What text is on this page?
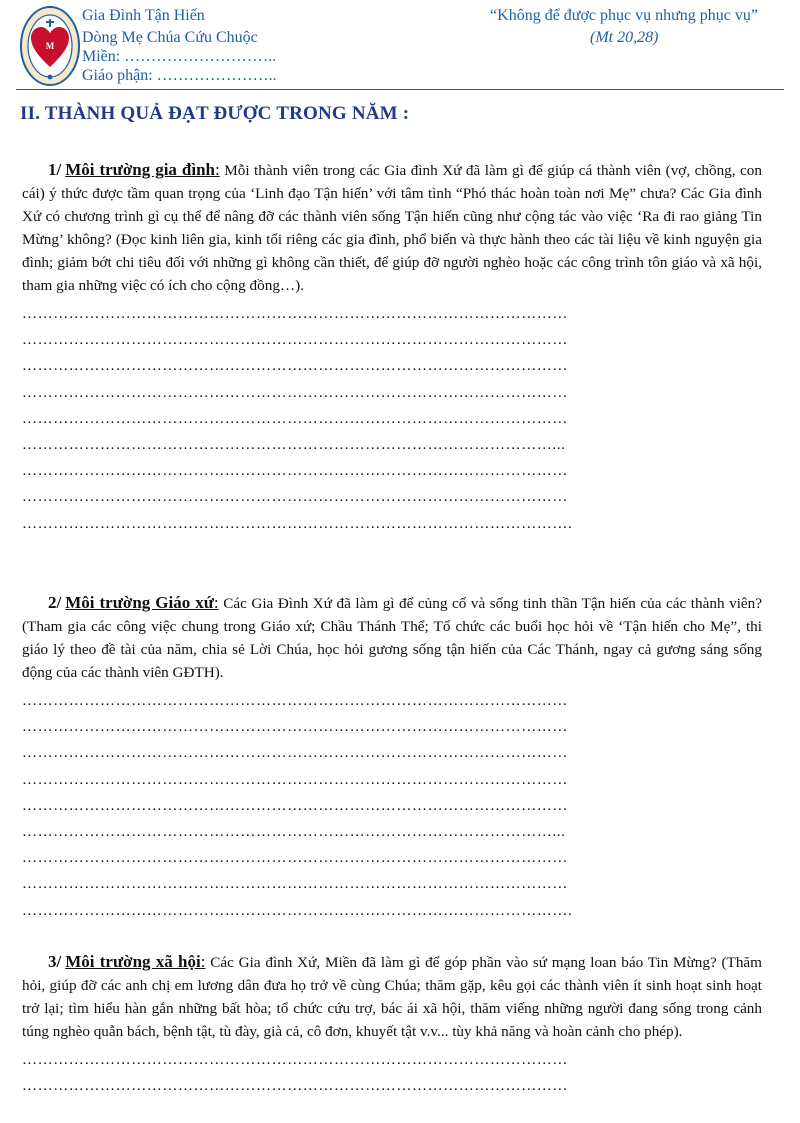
M
Gia Đình Tận Hiến
Dòng Mẹ Chúa Cứu Chuộc
Miền: ………………………..
Giáo phận: …………………..
“Không để được phục vụ nhưng phục vụ”
(Mt 20,28)
II. THÀNH QUẢ ĐẠT ĐƯỢC TRONG NĂM :

1/ Môi trường gia đình: Mỗi thành viên trong các Gia đình Xứ đã làm gì để giúp cá thành viên (vợ, chồng, con cái) ý thức được tầm quan trọng của ‘Linh đạo Tận hiến’ với tâm tình “Phó thác hoàn toàn nơi Mẹ” chưa? Các Gia đình Xứ có chương trình gì cụ thể để nâng đỡ các thành viên sống Tận hiến cũng như cộng tác vào việc ‘Ra đi rao giảng Tin Mừng’ không? (Đọc kinh liên gia, kinh tối riêng các gia đình, phổ biến và thực hành theo các tài liệu về kinh nguyện gia đình; giảm bớt chi tiêu đối với những gì không cần thiết, để giúp đỡ người nghèo hoặc các công trình tôn giáo và xã hội, tham gia những việc có ích cho cộng đồng…).

……………………………………………………………………………………………
……………………………………………………………………………………………
……………………………………………………………………………………………
……………………………………………………………………………………………
……………………………………………………………………………………………
…………………………………………………………………………………………...
……………………………………………………………………………………………
……………………………………………………………………………………………
…………………………………………………………………………………………….

2/ Môi trường Giáo xứ: Các Gia Đình Xứ đã làm gì để củng cố và sống tinh thần Tận hiến của các thành viên? (Tham gia các công việc chung trong Giáo xứ; Chầu Thánh Thể; Tổ chức các buổi học hỏi về ‘Tận hiến cho Mẹ”, thi giáo lý theo đề tài của năm, chia sẻ Lời Chúa, học hỏi gương sống tận hiến của Các Thánh, ngay cả gương sáng sống động của các thành viên GĐTH).

……………………………………………………………………………………………
……………………………………………………………………………………………
……………………………………………………………………………………………
……………………………………………………………………………………………
……………………………………………………………………………………………
…………………………………………………………………………………………...
……………………………………………………………………………………………
……………………………………………………………………………………………
…………………………………………………………………………………………….

3/ Môi trường xã hội: Các Gia đình Xứ, Miền đã làm gì để góp phần vào sứ mạng loan báo Tin Mừng? (Thăm hỏi, giúp đỡ các anh chị em lương dân đưa họ trở về cùng Chúa; thăm gặp, kêu gọi các thành viên ít sinh hoạt sinh hoạt trở lại; tìm hiểu hàn gắn những bất hòa; tổ chức cứu trợ, bác ái xã hội, thăm viếng những người đang sống trong cảnh túng nghèo quẫn bách, bệnh tật, tù đày, già cả, cô đơn, khuyết tật v.v... tùy khả năng và hoàn cảnh cho phép).

……………………………………………………………………………………………
……………………………………………………………………………………………
